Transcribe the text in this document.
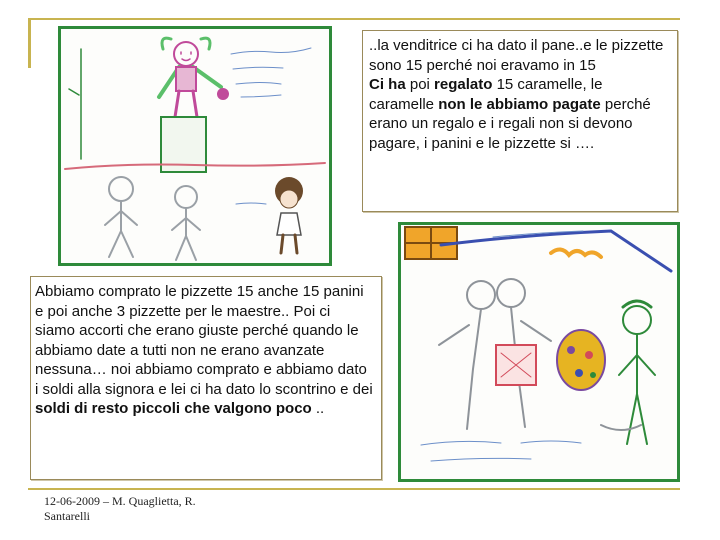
..la venditrice ci ha dato il pane..e le pizzette sono 15 perché noi eravamo in 15
Ci ha poi regalato 15 caramelle, le caramelle non le abbiamo pagate perché erano un regalo e i regali non si devono pagare, i panini e le pizzette si ….
Abbiamo comprato le pizzette 15 anche 15 panini e poi anche 3 pizzette per le maestre.. Poi ci siamo accorti che erano giuste perché quando le abbiamo date a tutti non ne erano avanzate nessuna… noi abbiamo comprato e abbiamo dato i soldi alla signora e lei ci ha dato lo scontrino e dei soldi di resto piccoli che valgono poco ..
12-06-2009 – M. Quaglietta, R. Santarelli
